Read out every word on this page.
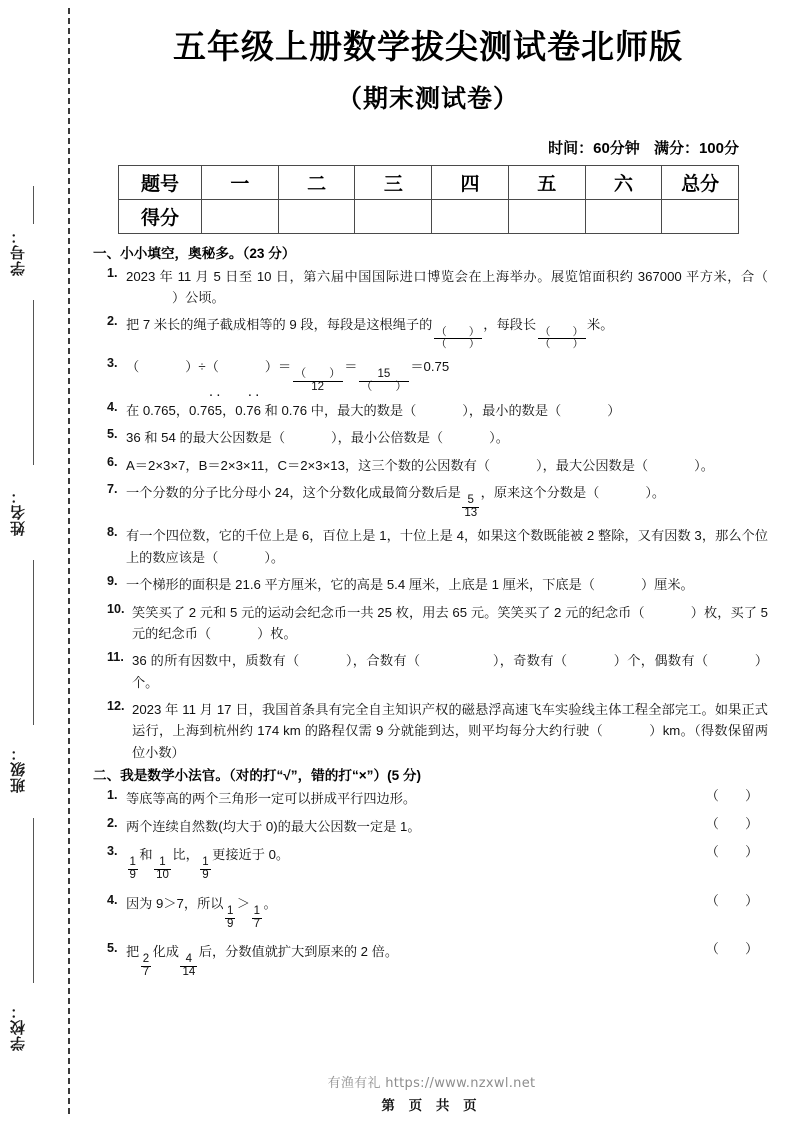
学号：
姓名：
班级：
学校：
五年级上册数学拔尖测试卷北师版
（期末测试卷）
时间：60分钟 满分：100分
题号	一	二	三	四	五	六	总分
得分							
一、小小填空，奥秘多。（23 分）
1. 2023 年 11 月 5 日至 10 日，第六届中国国际进口博览会在上海举办。展览馆面积约 367000 平方米，合（ ）公顷。
2. 把 7 米长的绳子截成相等的 9 段，每段是这根绳子的
$\frac{( )}{( )}$
，每段长
$\frac{( )}{( )}$
米。
3. （	）÷（	）＝
$\frac{( )}{12}$
＝
$\frac{15}{( )}$
＝0.75
4. 在 0.765，0.76 ·5 ·，0.7 ·6 · 和 0.76 中，最大的数是（	），最小的数是（	）
5. 36 和 54 的最大公因数是（	），最小公倍数是（	）。
6. A＝2×3×7，B＝2×3×11，C＝2×3×13，这三个数的公因数有（	），最大公因数是（	）。
7. 一个分数的分子比分母小 24，这个分数化成最简分数后是
$\frac{5}{13}$
，原来这个分数是（	）。
8. 有一个四位数，它的千位上是 6，百位上是 1，十位上是 4，如果这个数既能被 2 整除，又有因数 3，那么个位上的数应该是（	）。
9. 一个梯形的面积是 21.6 平方厘米，它的高是 5.4 厘米，上底是 1 厘米，下底是（	）厘米。
10. 笑笑买了 2 元和 5 元的运动会纪念币一共 25 枚，用去 65 元。笑笑买了 2 元的纪念币（	）枚，买了 5 元的纪念币（	）枚。
11. 36 的所有因数中，质数有（	），合数有（	），奇数有（	）个，偶数有（	）个。
12. 2023 年 11 月 17 日，我国首条具有完全自主知识产权的磁悬浮高速飞车实验线主体工程全部完工。如果正式运行，上海到杭州约 174 km 的路程仅需 9 分就能到达，则平均每分大约行驶（	）km。（得数保留两位小数）
二、我是数学小法官。（对的打“√”，错的打“×”）(5 分)
1. 等底等高的两个三角形一定可以拼成平行四边形。	（　　）
2. 两个连续自然数(均大于 0)的最大公因数一定是 1。	（　　）
3.
$\frac{1}{9}$
和
$\frac{1}{10}$
比，
$\frac{1}{9}$
更接近于 0。	（　　）
4. 因为 9＞7，所以
$\frac{1}{9}$
＞
$\frac{1}{7}$
。	（　　）
5. 把
$\frac{2}{7}$
化成
$\frac{4}{14}$
后，分数值就扩大到原来的 2 倍。	（　　）
有渔有礼 https://www.nzxwl.net
第 页 共 页
